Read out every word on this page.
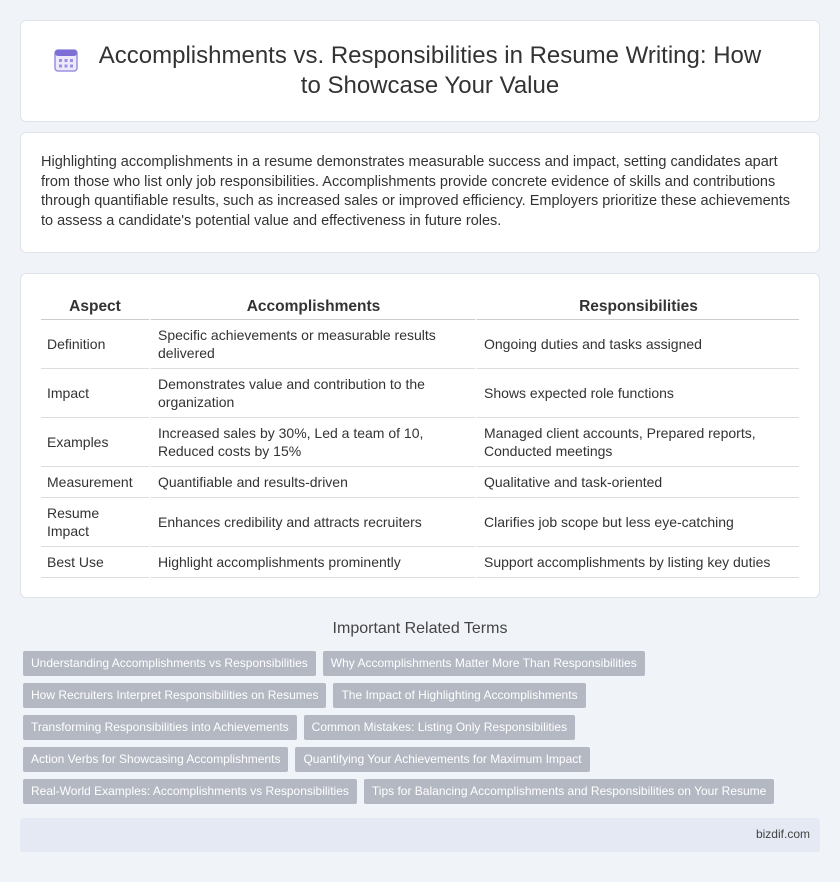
Accomplishments vs. Responsibilities in Resume Writing: How to Showcase Your Value

Highlighting accomplishments in a resume demonstrates measurable success and impact, setting candidates apart from those who list only job responsibilities. Accomplishments provide concrete evidence of skills and contributions through quantifiable results, such as increased sales or improved efficiency. Employers prioritize these achievements to assess a candidate's potential value and effectiveness in future roles.

Aspect	Accomplishments	Responsibilities
Definition	Specific achievements or measurable results delivered	Ongoing duties and tasks assigned
Impact	Demonstrates value and contribution to the organization	Shows expected role functions
Examples	Increased sales by 30%, Led a team of 10, Reduced costs by 15%	Managed client accounts, Prepared reports, Conducted meetings
Measurement	Quantifiable and results-driven	Qualitative and task-oriented
Resume Impact	Enhances credibility and attracts recruiters	Clarifies job scope but less eye-catching
Best Use	Highlight accomplishments prominently	Support accomplishments by listing key duties
Important Related Terms
Understanding Accomplishments vs Responsibilities	Why Accomplishments Matter More Than Responsibilities
How Recruiters Interpret Responsibilities on Resumes	The Impact of Highlighting Accomplishments
Transforming Responsibilities into Achievements	Common Mistakes: Listing Only Responsibilities
Action Verbs for Showcasing Accomplishments	Quantifying Your Achievements for Maximum Impact
Real-World Examples: Accomplishments vs Responsibilities	Tips for Balancing Accomplishments and Responsibilities on Your Resume
bizdif.com
